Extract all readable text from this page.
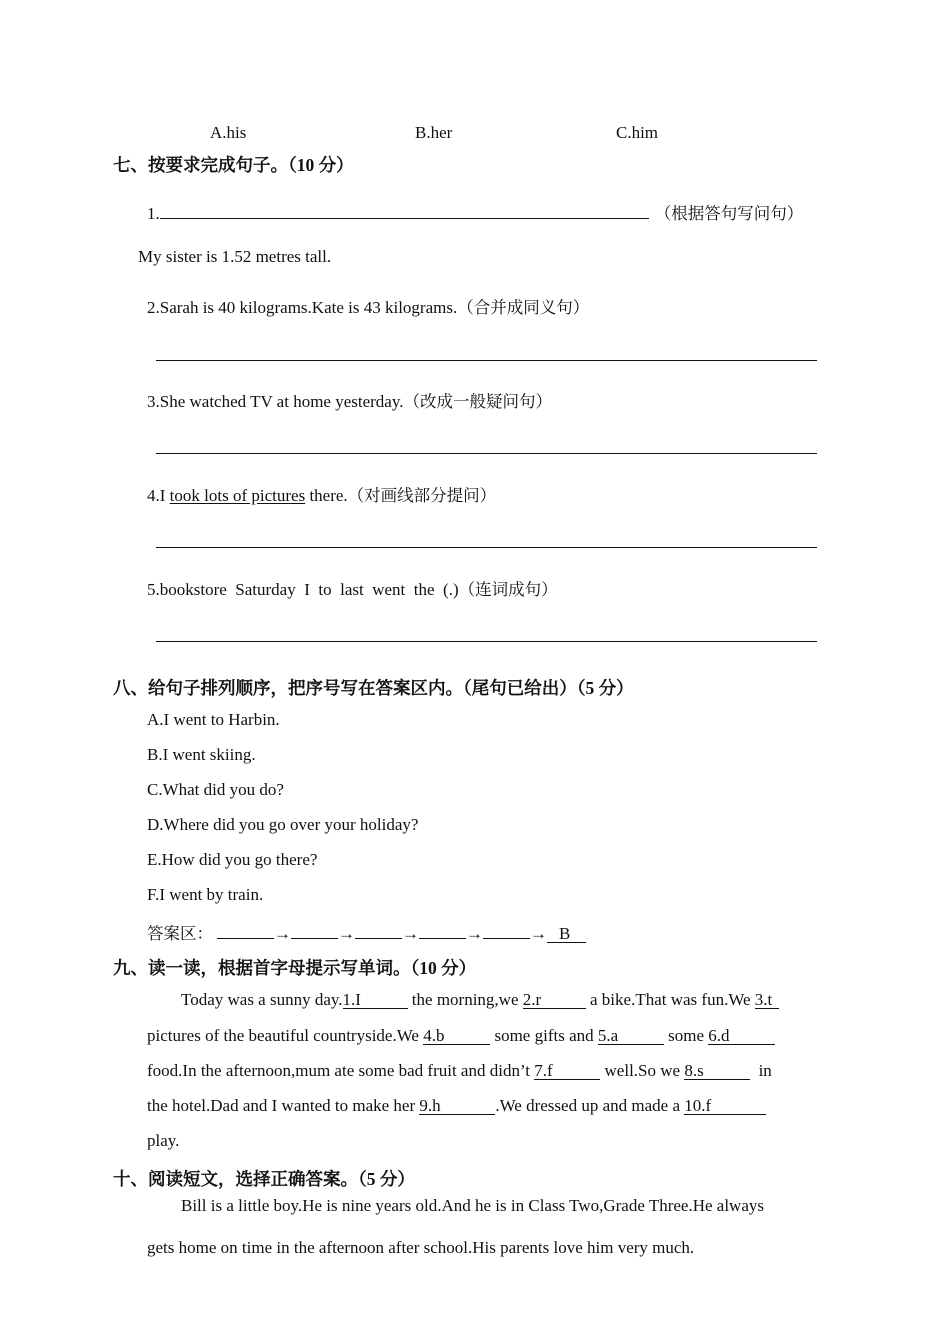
A.his	B.her	C.him
七、按要求完成句子。（10 分）
1.	（根据答句写问句）
My sister is 1.52 metres tall.
2.Sarah is 40 kilograms.Kate is 43 kilograms.（合并成同义句）
3.She watched TV at home yesterday.（改成一般疑问句）
4.I took lots of pictures there.（对画线部分提问）
5.bookstore  Saturday  I  to  last  went  the  (.)（连词成句）
八、给句子排列顺序，把序号写在答案区内。（尾句已给出）（5 分）
A.I went to Harbin.
B.I went skiing.
C.What did you do?
D.Where did you go over your holiday?
E.How did you go there?
F.I went by train.
答案区：	→	→	→	→	→ B
九、读一读，根据首字母提示写单词。（10 分）
Today was a sunny day.1.I	the morning,we 2.r	a bike.That was fun.We 3.t
pictures of the beautiful countryside.We 4.b	some gifts and 5.a	some 6.d
food.In the afternoon,mum ate some bad fruit and didn’t 7.f	well.So we 8.s	in
the hotel.Dad and I wanted to make her 9.h	.We dressed up and made a 10.f
play.
十、阅读短文，选择正确答案。（5 分）
Bill is a little boy.He is nine years old.And he is in Class Two,Grade Three.He always
gets home on time in the afternoon after school.His parents love him very much.
